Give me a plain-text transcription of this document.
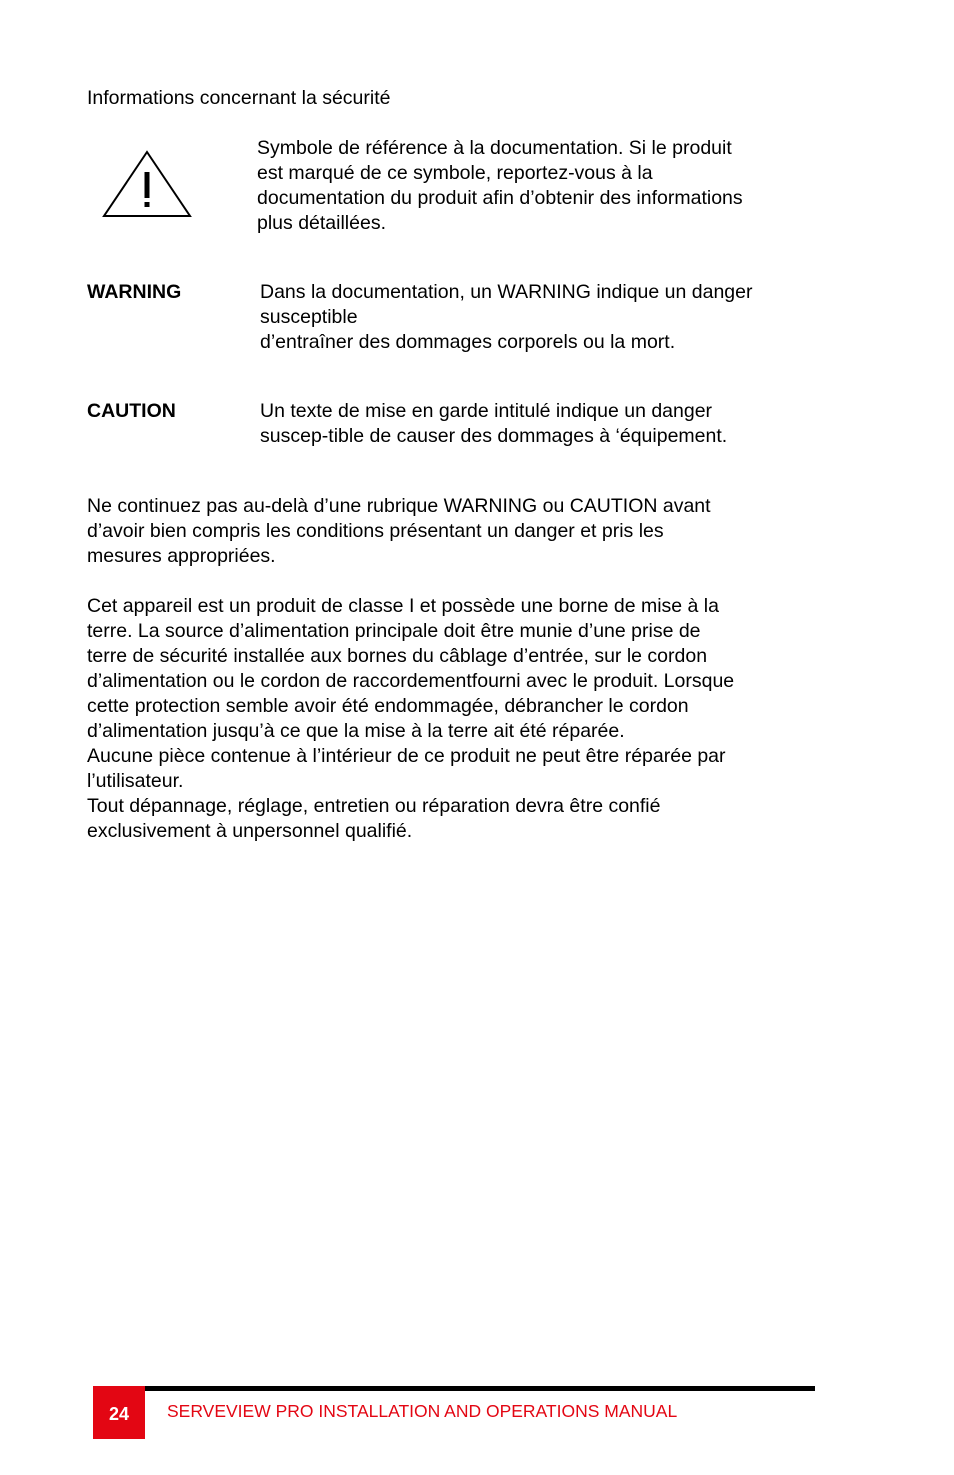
Informations concernant la sécurité
Symbole de référence à la documentation. Si le produit
est marqué de ce symbole, reportez-vous à la
documentation du produit afin d’obtenir des informations
plus détaillées.
WARNING	Dans la documentation, un WARNING indique un danger
susceptible
d’entraîner des dommages corporels ou la mort.
CAUTION	Un texte de mise en garde intitulé indique un danger
suscep-tible de causer des dommages à ‘équipement.
Ne continuez pas au-delà d’une rubrique WARNING ou CAUTION avant
d’avoir bien compris les conditions présentant un danger et pris les
mesures appropriées.
Cet appareil est un produit de classe I et possède une borne de mise à la
terre. La source d’alimentation principale doit être munie d’une prise de
terre de sécurité installée aux bornes du câblage d’entrée, sur le cordon
d’alimentation ou le cordon de raccordementfourni avec le produit. Lorsque
cette protection semble avoir été endommagée, débrancher le cordon
d’alimentation jusqu’à ce que la mise à la terre ait été réparée.
Aucune pièce contenue à l’intérieur de ce produit ne peut être réparée par
l’utilisateur.
Tout dépannage, réglage, entretien ou réparation devra être confié
exclusivement à unpersonnel qualifié.
24	SERVEVIEW PRO INSTALLATION AND OPERATIONS MANUAL
